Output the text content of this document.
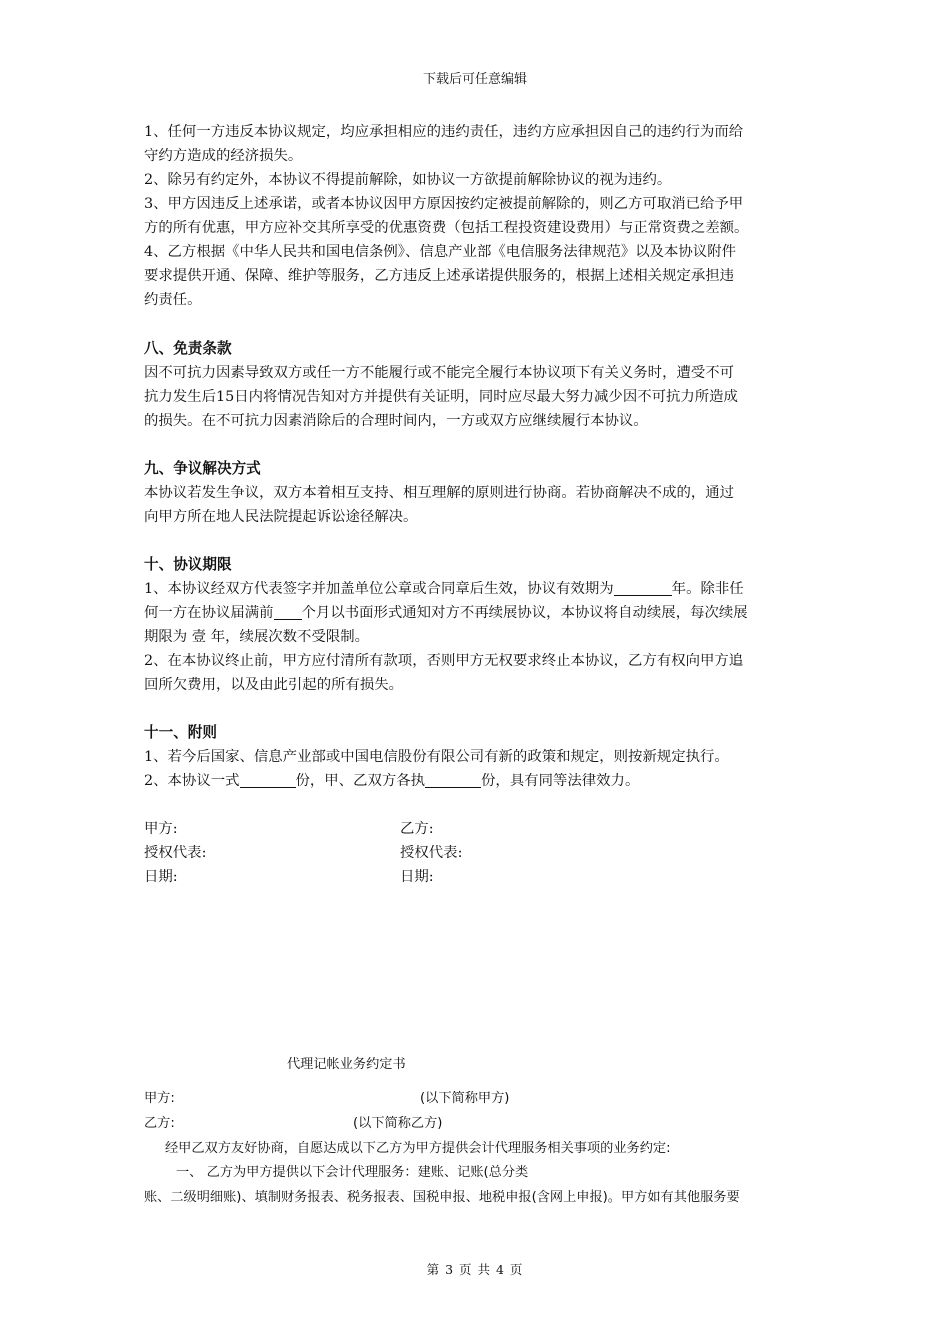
下载后可任意编辑
1、任何一方违反本协议规定，均应承担相应的违约责任，违约方应承担因自己的违约行为而给
守约方造成的经济损失。
2、除另有约定外，本协议不得提前解除，如协议一方欲提前解除协议的视为违约。
3、甲方因违反上述承诺，或者本协议因甲方原因按约定被提前解除的，则乙方可取消已给予甲
方的所有优惠，甲方应补交其所享受的优惠资费（包括工程投资建设费用）与正常资费之差额。
4、乙方根据《中华人民共和国电信条例》、信息产业部《电信服务法律规范》以及本协议附件
要求提供开通、保障、维护等服务，乙方违反上述承诺提供服务的，根据上述相关规定承担违
约责任。
八、免责条款
因不可抗力因素导致双方或任一方不能履行或不能完全履行本协议项下有关义务时，遭受不可
抗力发生后15日内将情况告知对方并提供有关证明，同时应尽最大努力减少因不可抗力所造成
的损失。在不可抗力因素消除后的合理时间内，一方或双方应继续履行本协议。
九、争议解决方式
本协议若发生争议，双方本着相互支持、相互理解的原则进行协商。若协商解决不成的，通过
向甲方所在地人民法院提起诉讼途径解决。
十、协议期限
1、本协议经双方代表签字并加盖单位公章或合同章后生效，协议有效期为	年。除非任
何一方在协议届满前 个月以书面形式通知对方不再续展协议，本协议将自动续展，每次续展
期限为 壹 年，续展次数不受限制。
2、在本协议终止前，甲方应付清所有款项，否则甲方无权要求终止本协议，乙方有权向甲方追
回所欠费用，以及由此引起的所有损失。
十一、附则
1、若今后国家、信息产业部或中国电信股份有限公司有新的政策和规定，则按新规定执行。
2、本协议一式	份，甲、乙双方各执	份，具有同等法律效力。
甲方:	乙方:
授权代表:	授权代表:
日期:	日期:
代理记帐业务约定书
甲方:	(以下简称甲方)
乙方:	(以下简称乙方)
经甲乙双方友好协商，自愿达成以下乙方为甲方提供会计代理服务相关事项的业务约定:
一、 乙方为甲方提供以下会计代理服务：建账、记账(总分类
账、二级明细账)、填制财务报表、税务报表、国税申报、地税申报(含网上申报)。甲方如有其他服务要
第 3 页 共 4 页
